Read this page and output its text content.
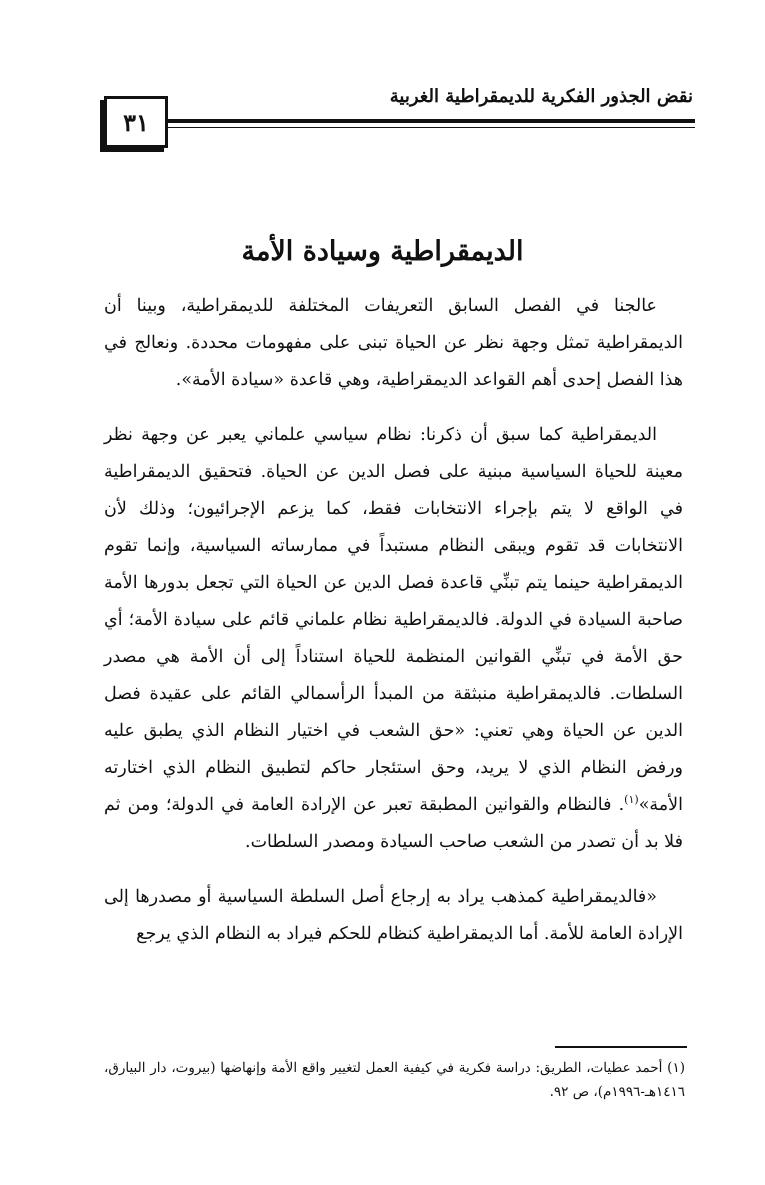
٣١
نقض الجذور الفكرية للديمقراطية الغربية
الديمقراطية وسيادة الأمة

عالجنا في الفصل السابق التعريفات المختلفة للديمقراطية، وبينا أن الديمقراطية تمثل وجهة نظر عن الحياة تبنى على مفهومات محددة. ونعالج في هذا الفصل إحدى أهم القواعد الديمقراطية، وهي قاعدة «سيادة الأمة».

الديمقراطية كما سبق أن ذكرنا: نظام سياسي علماني يعبر عن وجهة نظر معينة للحياة السياسية مبنية على فصل الدين عن الحياة. فتحقيق الديمقراطية في الواقع لا يتم بإجراء الانتخابات فقط، كما يزعم الإجرائيون؛ وذلك لأن الانتخابات قد تقوم ويبقى النظام مستبداً في ممارساته السياسية، وإنما تقوم الديمقراطية حينما يتم تبنِّي قاعدة فصل الدين عن الحياة التي تجعل بدورها الأمة صاحبة السيادة في الدولة. فالديمقراطية نظام علماني قائم على سيادة الأمة؛ أي حق الأمة في تبنِّي القوانين المنظمة للحياة استناداً إلى أن الأمة هي مصدر السلطات. فالديمقراطية منبثقة من المبدأ الرأسمالي القائم على عقيدة فصل الدين عن الحياة وهي تعني: «حق الشعب في اختيار النظام الذي يطبق عليه ورفض النظام الذي لا يريد، وحق استئجار حاكم لتطبيق النظام الذي اختارته الأمة»$^{(١)}$. فالنظام والقوانين المطبقة تعبر عن الإرادة العامة في الدولة؛ ومن ثم فلا بد أن تصدر من الشعب صاحب السيادة ومصدر السلطات.

«فالديمقراطية كمذهب يراد به إرجاع أصل السلطة السياسية أو مصدرها إلى الإرادة العامة للأمة. أما الديمقراطية كنظام للحكم فيراد به النظام الذي يرجع

(١) أحمد عطيات، الطريق: دراسة فكرية في كيفية العمل لتغيير واقع الأمة وإنهاضها (بيروت، دار البيارق، ١٤١٦هـ-١٩٩٦م)، ص ٩٢.
